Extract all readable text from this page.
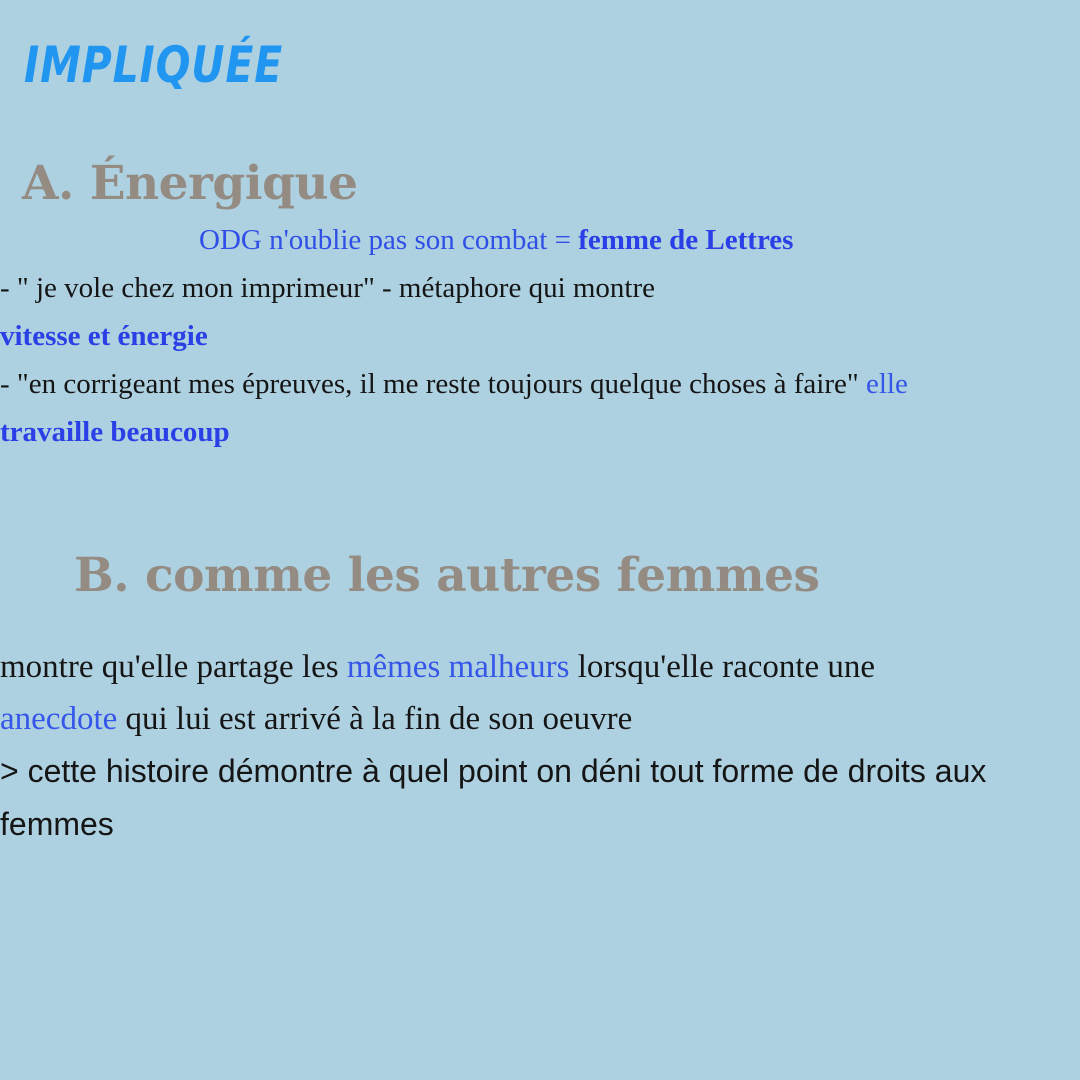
IMPLIQUÉE
A. Énergique
ODG n'oublie pas son combat = femme de Lettres
- " je vole chez mon imprimeur" - métaphore qui montre
vitesse et énergie
- "en corrigeant mes épreuves, il me reste toujours quelque choses à faire" elle
travaille beaucoup
B. comme les autres femmes
montre qu'elle partage les mêmes malheurs lorsqu'elle raconte une
anecdote qui lui est arrivé à la fin de son oeuvre
> cette histoire démontre à quel point on déni tout forme de droits aux
femmes
